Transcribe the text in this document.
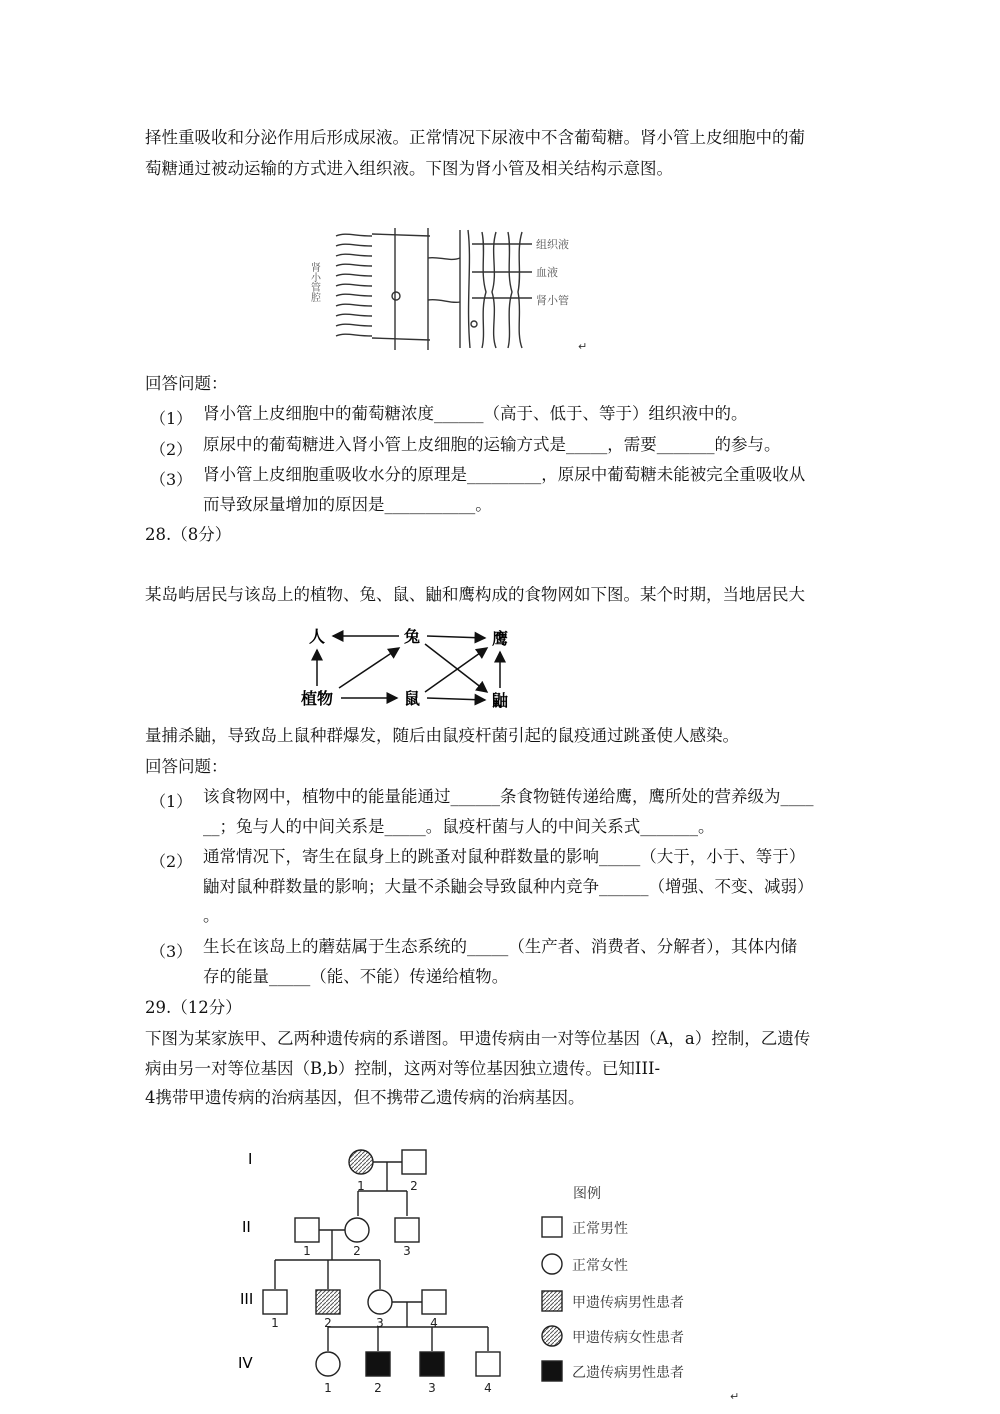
择性重吸收和分泌作用后形成尿液。正常情况下尿液中不含葡萄糖。肾小管上皮细胞中的葡
萄糖通过被动运输的方式进入组织液。下图为肾小管及相关结构示意图。
肾小管腔
组织液
血液
肾小管
↵
回答问题：
（1） 肾小管上皮细胞中的葡萄糖浓度______（高于、低于、等于）组织液中的。
（2） 原尿中的葡萄糖进入肾小管上皮细胞的运输方式是_____，需要_______的参与。
（3） 肾小管上皮细胞重吸收水分的原理是_________，原尿中葡萄糖未能被完全重吸收从
而导致尿量增加的原因是___________。
28.（8分）
某岛屿居民与该岛上的植物、兔、鼠、鼬和鹰构成的食物网如下图。某个时期，当地居民大
人	兔	鹰
植物	鼠	鼬
量捕杀鼬，导致岛上鼠种群爆发，随后由鼠疫杆菌引起的鼠疫通过跳蚤使人感染。
回答问题：
（1） 该食物网中，植物中的能量能通过______条食物链传递给鹰，鹰所处的营养级为____
__；兔与人的中间关系是_____。鼠疫杆菌与人的中间关系式_______。
（2） 通常情况下，寄生在鼠身上的跳蚤对鼠种群数量的影响_____（大于，小于、等于）
鼬对鼠种群数量的影响；大量不杀鼬会导致鼠种内竞争______（增强、不变、减弱）
。
（3） 生长在该岛上的蘑菇属于生态系统的_____（生产者、消费者、分解者），其体内储
存的能量_____（能、不能）传递给植物。
29.（12分）
下图为某家族甲、乙两种遗传病的系谱图。甲遗传病由一对等位基因（A，a）控制，乙遗传
病由另一对等位基因（B,b）控制，这两对等位基因独立遗传。已知III-
4携带甲遗传病的治病基因，但不携带乙遗传病的治病基因。
I
II
III
IV
1	2
1	2	3
1	2	3	4
1	2	3	4
图例
正常男性
正常女性
甲遗传病男性患者
甲遗传病女性患者
乙遗传病男性患者
↵
